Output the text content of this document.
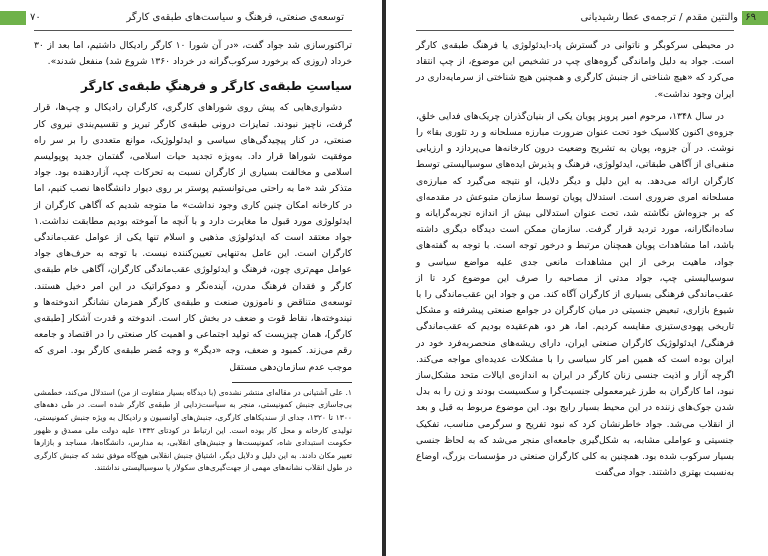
۷۰	توسعه‌ی صنعتی، فرهنگ و سیاست‌های طبقه‌ی کارگر

تراکتورسازی شد جواد گفت، «در آن شورا ۱۰ کارگر رادیکال داشتیم، اما بعد از ۳۰ خرداد (روزی که برخورد سرکوب‌گرانه در خرداد ۱۳۶۰ شروع شد) منفعل شدند».

سیاستِ طبقه‌ی کارگر و فرهنگِ طبقه‌ی کارگر

دشواری‌هایی که پیش روی شوراهای کارگری، کارگران رادیکال و چپ‌ها، قرار گرفت، ناچیز نبودند. تمایزات درونی طبقه‌ی کارگر تبریز و تقسیم‌بندی نیروی کار صنعتی، در کنار پیچیدگی‌های سیاسی و ایدئولوژیک، موانع متعددی را بر سر راه موفقیت شوراها قرار داد. به‌ویژه تجدید حیات اسلامی، گفتمان جدید پوپولیسم اسلامی و مخالفت بسیاری از کارگران نسبت به تحرکات چپ، آزاردهنده بود. جواد متذکر شد «ما به راحتی می‌توانستیم پوستر بر روی دیوار دانشگاه‌ها نصب کنیم، اما در کارخانه امکان چنین کاری وجود نداشت» ما متوجه شدیم که آگاهی کارگران از ایدئولوژی مورد قبول ما مغایرت دارد و با آنچه ما آموخته بودیم مطابقت نداشت.۱ جواد معتقد است که ایدئولوژی مذهبی و اسلام تنها یکی از عوامل عقب‌ماندگی کارگران است. این عامل به‌تنهایی تعیین‌کننده نیست. با توجه به حرف‌های جواد عوامل مهم‌تری چون، فرهنگ و ایدئولوژی عقب‌ماندگی کارگران، آگاهی خام طبقه‌ی کارگر و فقدان فرهنگ مدرن، آینده‌نگر و دموکراتیک در این امر دخیل هستند. توسعه‌ی متناقض و ناموزون صنعت و طبقه‌ی کارگر همزمان نشانگر اندوخته‌ها و نیندوخته‌ها، نقاط قوت و ضعف در بخش کار است. اندوخته و قدرت آشکار [طبقه‌ی کارگر]، همان چیزیست که تولید اجتماعی و اهمیت کار صنعتی را در اقتصاد و جامعه رقم می‌زند. کمبود و ضعف، وجه «دیگر» و وجه مُضر طبقه‌ی کارگر بود. امری که موجب عدم سازمان‌دهی مستقل

۱. علی آشتیانی در مقاله‌ای منتشر نشده‌ی (با دیدگاه بسیار متفاوت از من) استدلال می‌کند، خطمشی بی‌جاسازی جنبش کمونیستی، منجر به سیاست‌زدایی از طبقه‌ی کارگر شده است. در طی دهه‌های ۱۳۰۰ تا ۱۳۲۰، جدای از سندیکاهای کارگری، جنبش‌های آوانسیون و رادیکال به ویژه جنبش کمونیستی، تولیدی کارخانه و محل کار بوده است. این ارتباط در کودتای ۱۳۳۲ علیه دولت ملی مصدق و ظهور حکومت استبدادی شاه، کمونیست‌ها و جنبش‌های انقلابی، به مدارس، دانشگاه‌ها، مساجد و بازارها تغییر مکان دادند. به این دلیل و دلایل دیگر، اشتیاق جنبش انقلابی هیچ‌گاه موفق نشد که جنبش کارگری در طول انقلاب نشانه‌های مهمی از جهت‌گیری‌های سکولار یا سوسیالیستی نداشتند.

۶۹
والنتین مقدم / ترجمه‌ی عطا رشیدیانی

در محیطی سرکوبگر و ناتوانی در گسترش پاد-ایدئولوژی یا فرهنگ طبقه‌ی کارگر است. جواد به دلیل واماندگی گروه‌های چپ در تشخیص این موضوع، از چپ انتقاد می‌کرد که «هیچ شناختی از جنبش کارگری و همچنین هیچ شناختی از سرمایه‌داری در ایران وجود نداشت».

در سال ۱۳۴۸، مرحوم امیر پرویز پویان یکی از بنیان‌گذران چریک‌های فدایی خلق، جزوه‌ی اکنون کلاسیک خود تحت عنوان ضرورت مبارزه مسلحانه و رد تئوری بقا» را نوشت. در آن جزوه، پویان به تشریح وضعیت درون کارخانه‌ها می‌پردازد و ارزیابی منفی‌ای از آگاهی طبقاتی، ایدئولوژی، فرهنگ و پذیرش ایده‌های سوسیالیستی توسط کارگران ارائه می‌دهد. به این دلیل و دیگر دلایل، او نتیجه می‌گیرد که مبارزه‌ی مسلحانه امری ضروری است. استدلال پویان توسط سازمان متبوعش در مقدمه‌ای که بر جزوه‌اش نگاشته شد، تحت عنوان استدلالی بیش از اندازه تجربه‌گرایانه و ساده‌انگارانه، مورد تردید قرار گرفت. سازمان ممکن است دیدگاه دیگری داشته باشد، اما مشاهدات پویان همچنان مرتبط و درخور توجه است. با توجه به گفته‌های جواد، ماهیت برخی از این مشاهدات مانعی جدی علیه مواضع سیاسی و سوسیالیستی چپ، جواد مدتی از مصاحبه را صرف این موضوع کرد تا از عقب‌ماندگی فرهنگی بسیاری از کارگران آگاه کند. من و جواد این عقب‌ماندگی را با شیوع بازاری، تبعیض جنسیتی در میان کارگران در جوامع صنعتی پیشرفته و مشکل تاریخی پهودی‌ستیزی مقایسه کردیم. اما، هر دو، هم‌عقیده بودیم که عقب‌ماندگی فرهنگی/ ایدئولوژیک کارگران صنعتی ایران، دارای ریشه‌های منحصربه‌فرد خود در ایران بوده است که همین امر کار سیاسی را با مشکلات عدیده‌ای مواجه می‌کند. اگرچه آزار و اذیت جنسی زنان کارگر در ایران به اندازه‌ی ایالات متحد مشکل‌ساز نبود، اما کارگران به طرز غیرمعمولی جنسیت‌گرا و سکسیست بودند و زن را به بدل شدن جوک‌های زننده در این محیط بسیار رایج بود. این موضوع مربوط به قبل و بعد از انقلاب می‌شد. جواد خاطرنشان کرد که نبود تفریح و سرگرمی مناسب، تفکیک جنسیتی و عواملی مشابه، به شکل‌گیری جامعه‌ای منجر می‌شد که به لحاظ جنسی بسیار سرکوب شده بود. همچنین به کلی کارگران صنعتی در مؤسسات بزرگ، اوضاع به‌نسبت بهتری داشتند. جواد می‌گفت
